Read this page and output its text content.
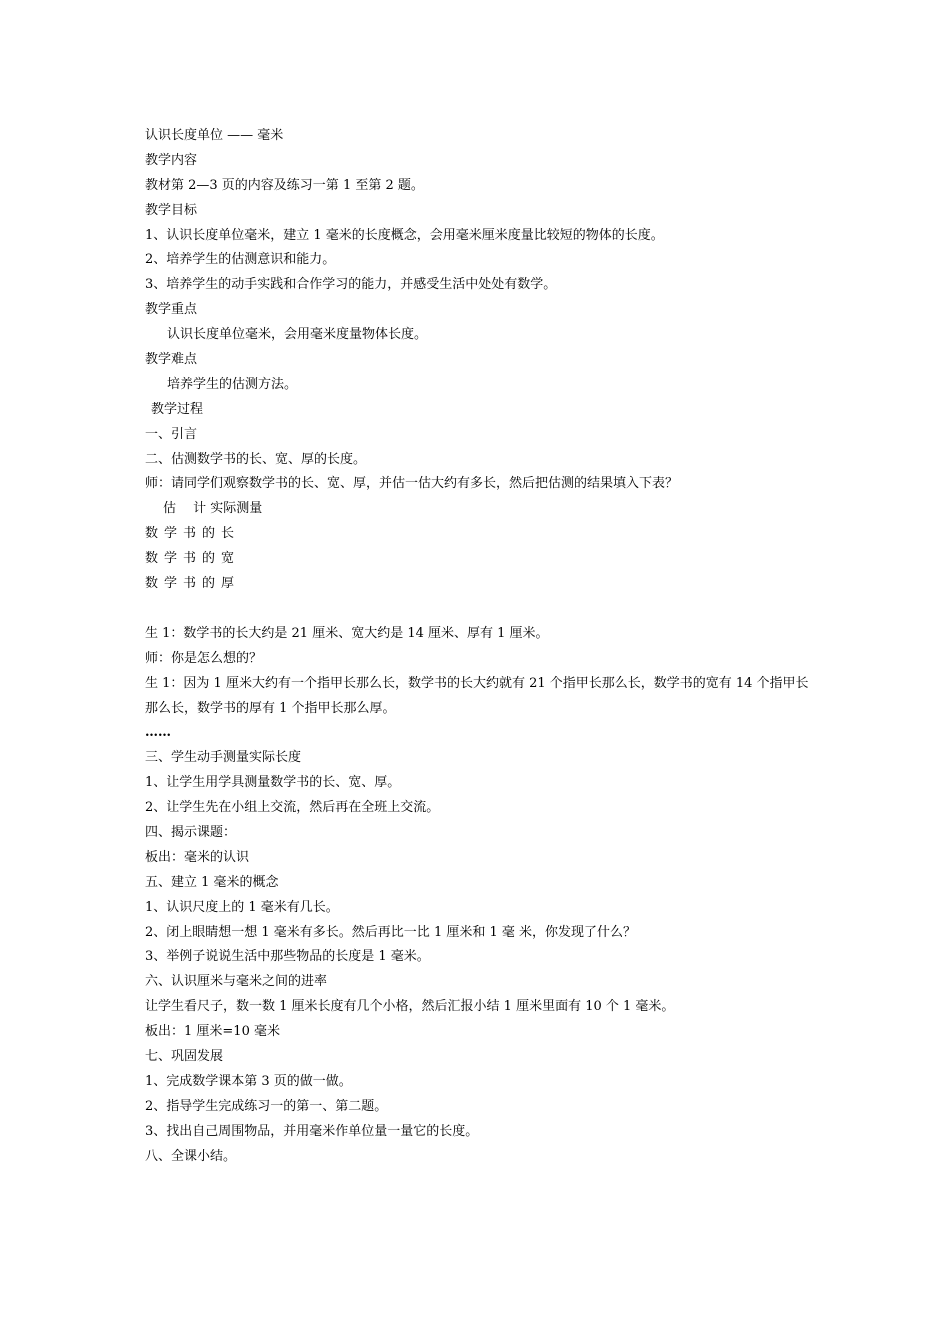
认识长度单位 —— 毫米
教学内容
教材第 2—3 页的内容及练习一第 1 至第 2 题。
教学目标
1、认识长度单位毫米，建立 1 毫米的长度概念，会用毫米厘米度量比较短的物体的长度。
2、培养学生的估测意识和能力。
3、培养学生的动手实践和合作学习的能力，并感受生活中处处有数学。
教学重点
认识长度单位毫米，会用毫米度量物体长度。
教学难点
培养学生的估测方法。
教学过程
一、引言
二、估测数学书的长、宽、厚的长度。
师：请同学们观察数学书的长、宽、厚，并估一估大约有多长，然后把估测的结果填入下表？
估　 计 实际测量
数学书的长
数学书的宽
数学书的厚
生 1：数学书的长大约是 21 厘米、宽大约是 14 厘米、厚有 1 厘米。
师：你是怎么想的？
生 1：因为 1 厘米大约有一个指甲长那么长，数学书的长大约就有 21 个指甲长那么长，数学书的宽有 14 个指甲长那么长，数学书的厚有 1 个指甲长那么厚。
……
三、学生动手测量实际长度
1、让学生用学具测量数学书的长、宽、厚。
2、让学生先在小组上交流，然后再在全班上交流。
四、揭示课题：
板出：毫米的认识
五、建立 1 毫米的概念
1、认识尺度上的 1 毫米有几长。
2、闭上眼睛想一想 1 毫米有多长。然后再比一比 1 厘米和 1 毫 米，你发现了什么？
3、举例子说说生活中那些物品的长度是 1 毫米。
六、认识厘米与毫米之间的进率
让学生看尺子，数一数 1 厘米长度有几个小格，然后汇报小结 1 厘米里面有 10 个 1 毫米。
板出：1 厘米=10 毫米
七、巩固发展
1、完成数学课本第 3 页的做一做。
2、指导学生完成练习一的第一、第二题。
3、找出自己周围物品，并用毫米作单位量一量它的长度。
八、全课小结。
